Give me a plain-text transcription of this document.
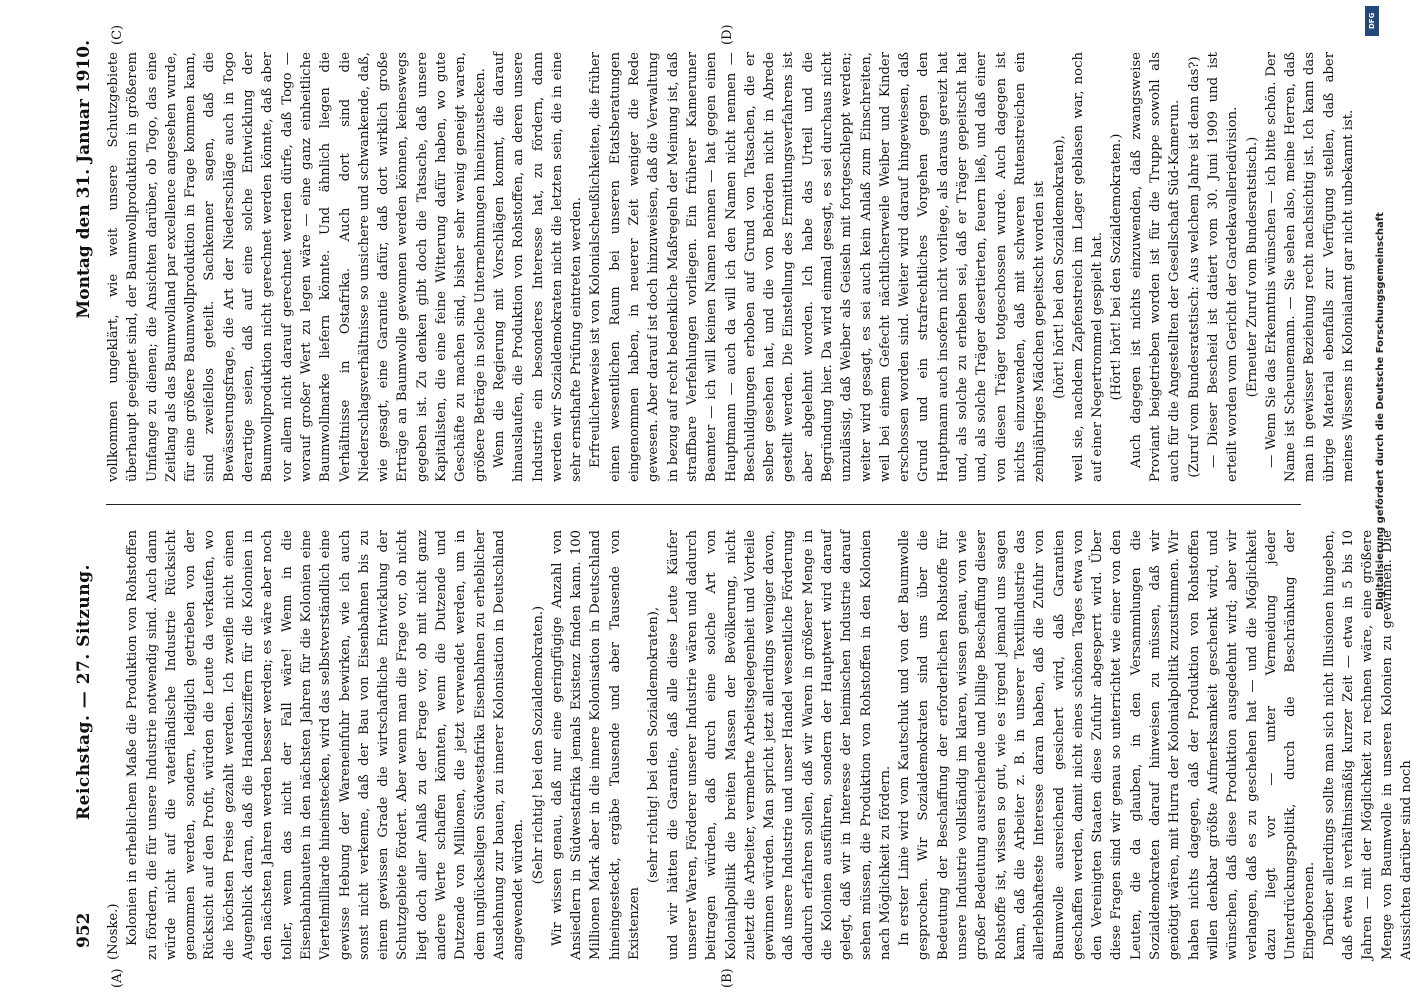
DFG
Digitalisierung gefördert durch die Deutsche Forschungsgemeinschaft
952
Reichstag. — 27. Sitzung.
Montag den 31. Januar 1910.
(A)	(B)
(C)	(D)

(Noske.) Kolonien in erheblichem Maße die Produktion von Rohstoffen zu fördern, die für unsere Industrie notwendig sind. Auch dann würde nicht auf die vaterländische Industrie Rücksicht genommen werden, sondern, lediglich getrieben von der Rücksicht auf den Profit, würden die Leute da verkaufen, wo die höchsten Preise gezahlt werden. Ich zweifle nicht einen Augenblick daran, daß die Handelsziffern für die Kolonien in den nächsten Jahren werden besser werden; es wäre aber noch toller, wenn das nicht der Fall wäre! Wenn in die Eisenbahnbauten in den nächsten Jahren für die Kolonien eine Viertelmilliarde hineinstecken, wird das selbstverständlich eine gewisse Hebung der Wareneinfuhr bewirken, wie ich auch sonst nicht verkenne, daß der Bau von Eisenbahnen bis zu einem gewissen Grade die wirtschaftliche Entwicklung der Schutzgebiete fördert. Aber wenn man die Frage vor, ob nicht liegt doch aller Anlaß zu der Frage vor, ob mit nicht ganz andere Werte schaffen könnten, wenn die Dutzende und Dutzende von Millionen, die jetzt verwendet werden, um in dem unglückseligen Südwestafrika Eisenbahnen zu erheblicher Ausdehnung zur bauen, zu innerer Kolonisation in Deutschland angewendet würden.

(Sehr richtig! bei den Sozialdemokraten.) Wir wissen genau, daß nur eine geringfügige Anzahl von Ansiedlern in Südwestafrika jemals Existenz finden kann. 100 Millionen Mark aber in die innere Kolonisation in Deutschland hineingesteckt, ergäbe Tausende und aber Tausende von Existenzen

(sehr richtig! bei den Sozialdemokraten), und wir hätten die Garantie, daß alle diese Leute Käufer unserer Waren, Förderer unserer Industrie wären und dadurch beitragen würden, daß durch eine solche Art von Kolonialpolitik die breiten Massen der Bevölkerung, nicht zuletzt die Arbeiter, vermehrte Arbeitsgelegenheit und Vorteile gewinnen würden. Man spricht jetzt allerdings weniger davon, daß unsere Industrie und unser Handel wesentliche Förderung dadurch erfahren sollen, daß wir Waren in größerer Menge in die Kolonien ausführen, sondern der Hauptwert wird darauf gelegt, daß wir in Interesse der heimischen Industrie darauf sehen müssen, die Produktion von Rohstoffen in den Kolonien nach Möglichkeit zu fördern. In erster Linie wird vom Kautschuk und von der Baumwolle gesprochen. Wir Sozialdemokraten sind uns über die Bedeutung der Beschaffung der erforderlichen Rohstoffe für unsere Industrie vollständig im klaren, wissen genau, von wie großer Bedeutung ausreichende und billige Beschaffung dieser Rohstoffe ist, wissen so gut, wie es irgend jemand uns sagen kann, daß die Arbeiter z. B. in unserer Textilindustrie das allerlebhafteste Interesse daran haben, daß die Zufuhr von Baumwolle ausreichend gesichert wird, daß Garantien geschaffen werden, damit nicht eines schönen Tages etwa von den Vereinigten Staaten diese Zufuhr abgesperrt wird. Über diese Fragen sind wir genau so unterrichtet wie einer von den Leuten, die da glauben, in den Versammlungen die Sozialdemokraten darauf hinweisen zu müssen, daß wir genötigt wären, mit Hurra der Kolonialpolitik zuzustimmen. Wir haben nichts dagegen, daß der Produktion von Rohstoffen willen denkbar größte Aufmerksamkeit geschenkt wird, und wünschen, daß diese Produktion ausgedehnt wird; aber wir verlangen, daß es zu geschehen hat — und die Möglichkeit dazu liegt vor — unter Vermeidung jeder Unterdrückungspolitik, durch die Beschränkung der Eingeborenen. Darüber allerdings sollte man sich nicht Illusionen hingeben, daß etwa in verhältnismäßig kurzer Zeit — etwa in 5 bis 10 Jahren — mit der Möglichkeit zu rechnen wäre, eine größere Menge von Baumwolle in unseren Kolonien zu gewinnen. Die Aussichten darüber sind noch

vollkommen ungeklärt, wie weit unsere Schutzgebiete überhaupt geeignet sind, der Baumwollproduktion in größerem Umfange zu dienen; die Ansichten darüber, ob Togo, das eine Zeitlang als das Baumwolland par excellence angesehen wurde, für eine größere Baumwollproduktion in Frage kommen kann, sind zweifellos geteilt. Sachkenner sagen, daß die Bewässerungsfrage, die Art der Niederschläge auch in Togo derartige seien, daß auf eine solche Entwicklung der Baumwollproduktion nicht gerechnet werden könnte, daß aber vor allem nicht darauf gerechnet werden dürfe, daß Togo — worauf großer Wert zu legen wäre — eine ganz einheitliche Baumwollmarke liefern könnte. Und ähnlich liegen die Verhältnisse in Ostafrika. Auch dort sind die Niederschlagsverhältnisse so unsichere und schwankende, daß, wie gesagt, eine Garantie dafür, daß dort wirklich große Erträge an Baumwolle gewonnen werden können, keineswegs gegeben ist. Zu denken gibt doch die Tatsache, daß unsere Kapitalisten, die eine feine Witterung dafür haben, wo gute Geschäfte zu machen sind, bisher sehr wenig geneigt waren, größere Beträge in solche Unternehmungen hineinzustecken. Wenn die Regierung mit Vorschlägen kommt, die darauf hinauslaufen, die Produktion von Rohstoffen, an deren unsere Industrie ein besonderes Interesse hat, zu fördern, dann werden wir Sozialdemokraten nicht die letzten sein, die in eine sehr ernsthafte Prüfung eintreten werden. Erfreulicherweise ist von Kolonialscheußlichkeiten, die früher einen wesentlichen Raum bei unseren Etatsberatungen eingenommen haben, in neuerer Zeit weniger die Rede gewesen. Aber darauf ist doch hinzuweisen, daß die Verwaltung in bezug auf recht bedenkliche Maßregeln der Meinung ist, daß straffbare Verfehlungen vorliegen. Ein früherer Kameruner Beamter — ich will keinen Namen nennen — hat gegen einen Hauptmann — auch da will ich den Namen nicht nennen — Beschuldigungen erhoben auf Grund von Tatsachen, die er selber gesehen hat, und die von Behörden nicht in Abrede gestellt werden. Die Einstellung des Ermittlungsverfahrens ist aber abgelehnt worden. Ich habe das Urteil und die Begründung hier. Da wird einmal gesagt, es sei durchaus nicht unzulässig, daß Weiber als Geiseln mit fortgeschleppt werden; weiter wird gesagt, es sei auch kein Anlaß zum Einschreiten, weil bei einem Gefecht nächtlicherweile Weiber und Kinder erschossen worden sind. Weiter wird darauf hingewiesen, daß Grund und ein strafrechtliches Vorgehen gegen den Hauptmann auch insofern nicht vorliege, als daraus gereizt hat und, als solche zu erheben sei, daß er Träger gepeitscht hat und, als solche Träger desertierten, feuern ließ, und daß einer von diesen Träger totgeschossen wurde. Auch dagegen ist nichts einzuwenden, daß mit schweren Rutenstreichen ein zehnjähriges Mädchen gepeitscht worden ist (hört! hört! bei den Sozialdemokraten), weil sie, nachdem Zapfenstreich im Lager geblasen war, noch auf einer Negertrommel gespielt hat. (Hört! hört! bei den Sozialdemokraten.) Auch dagegen ist nichts einzuwenden, daß zwangsweise Proviant beigetrieben worden ist für die Truppe sowohl als auch für die Angestellten der Gesellschaft Süd-Kamerun. (Zuruf vom Bundesratstisch: Aus welchem Jahre ist denn das?) — Dieser Bescheid ist datiert vom 30. Juni 1909 und ist erteilt worden vom Gericht der Gardekavalleriedivision. (Erneuter Zuruf vom Bundesratstisch.) — Wenn Sie das Erkenntnis wünschen — ich bitte schön. Der Name ist Scheunemann. — Sie sehen also, meine Herren, daß man in gewisser Beziehung recht nachsichtig ist. Ich kann das übrige Material ebenfalls zur Verfügung stellen, daß aber meines Wissens in Kolonialamt gar nicht unbekannt ist.
